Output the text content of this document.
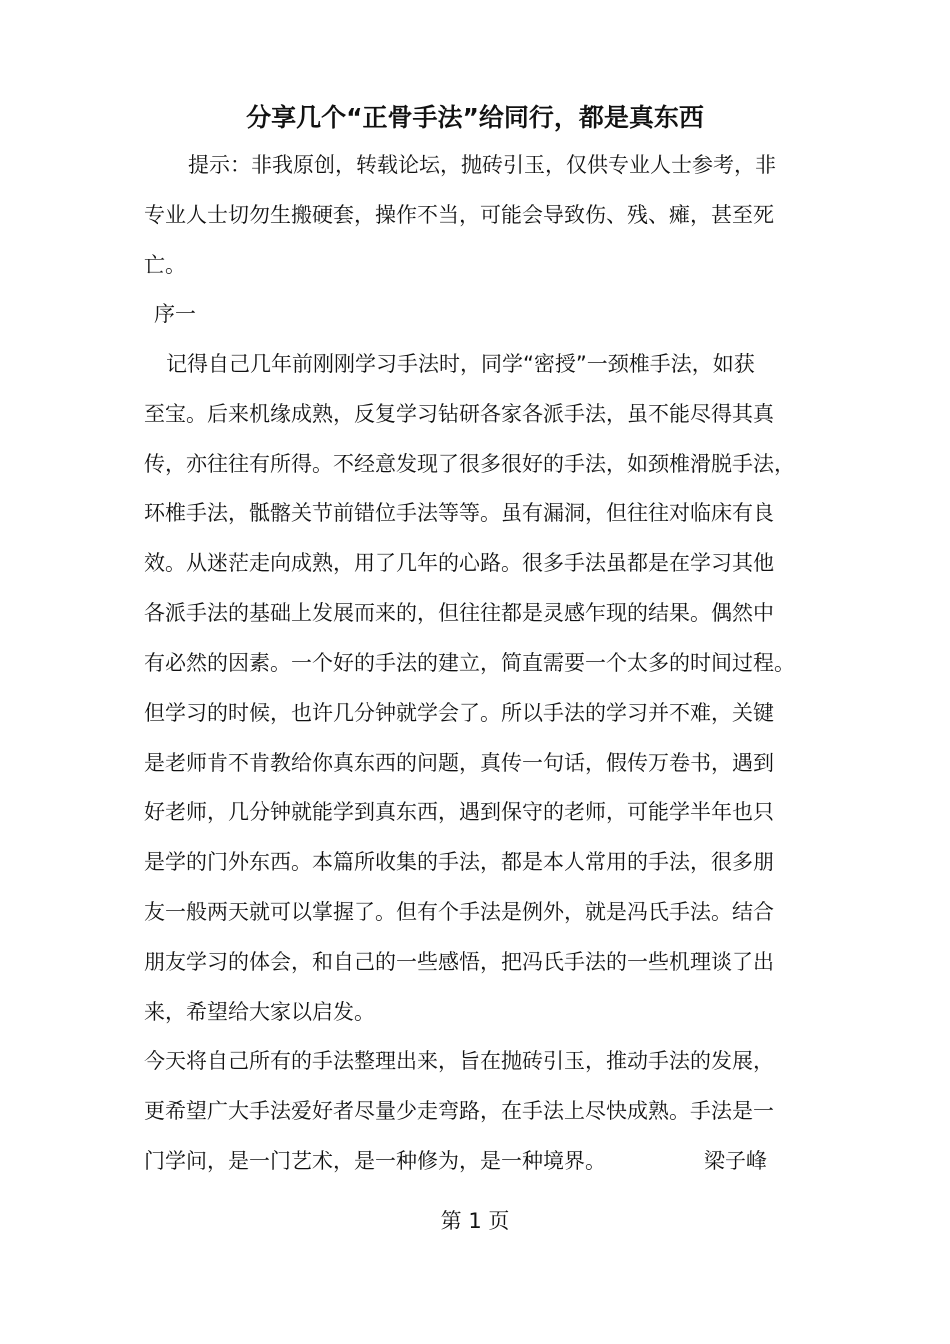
分享几个“正骨手法”给同行，都是真东西
提示：非我原创，转载论坛，抛砖引玉，仅供专业人士参考，非
专业人士切勿生搬硬套，操作不当，可能会导致伤、残、瘫，甚至死
亡。
序一
记得自己几年前刚刚学习手法时，同学“密授”一颈椎手法，如获
至宝。后来机缘成熟，反复学习钻研各家各派手法，虽不能尽得其真
传，亦往往有所得。不经意发现了很多很好的手法，如颈椎滑脱手法，
环椎手法，骶髂关节前错位手法等等。虽有漏洞，但往往对临床有良
效。从迷茫走向成熟，用了几年的心路。很多手法虽都是在学习其他
各派手法的基础上发展而来的，但往往都是灵感乍现的结果。偶然中
有必然的因素。一个好的手法的建立，简直需要一个太多的时间过程。
但学习的时候，也许几分钟就学会了。所以手法的学习并不难，关键
是老师肯不肯教给你真东西的问题，真传一句话，假传万卷书，遇到
好老师，几分钟就能学到真东西，遇到保守的老师，可能学半年也只
是学的门外东西。本篇所收集的手法，都是本人常用的手法，很多朋
友一般两天就可以掌握了。但有个手法是例外，就是冯氏手法。结合
朋友学习的体会，和自己的一些感悟，把冯氏手法的一些机理谈了出
来，希望给大家以启发。
今天将自己所有的手法整理出来，旨在抛砖引玉，推动手法的发展，
更希望广大手法爱好者尽量少走弯路，在手法上尽快成熟。手法是一
门学问，是一门艺术，是一种修为，是一种境界。	梁子峰
第 1 页
